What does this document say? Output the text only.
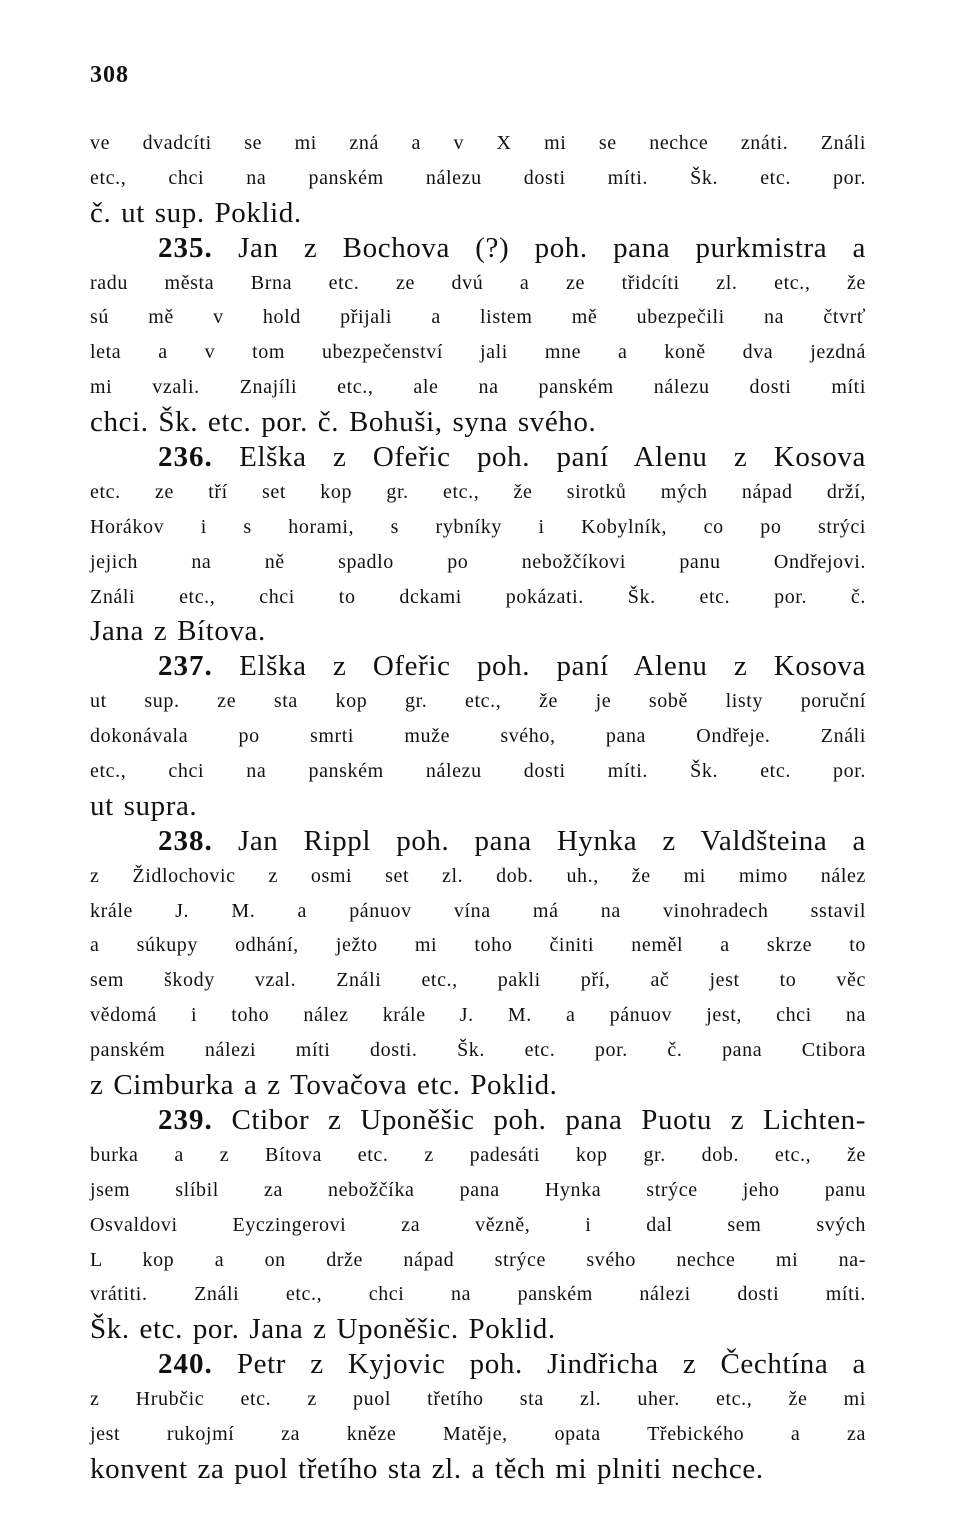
308
ve dvadcíti se mi zná a v X mi se nechce znáti. Ználi
etc., chci na panském nálezu dosti míti. Šk. etc. por.
č. ut sup. Poklid.
235. Jan z Bochova (?) poh. pana purkmistra a
radu města Brna etc. ze dvú a ze třidcíti zl. etc., že
sú mě v hold přijali a listem mě ubezpečili na čtvrť
leta a v tom ubezpečenství jali mne a koně dva jezdná
mi vzali. Znajíli etc., ale na panském nálezu dosti míti
chci. Šk. etc. por. č. Bohuši, syna svého.
236. Elška z Ofeřic poh. paní Alenu z Kosova
etc. ze tří set kop gr. etc., že sirotků mých nápad drží,
Horákov i s horami, s rybníky i Kobylník, co po strýci
jejich na ně spadlo po nebožčíkovi panu Ondřejovi.
Ználi etc., chci to dckami pokázati. Šk. etc. por. č.
Jana z Bítova.
237. Elška z Ofeřic poh. paní Alenu z Kosova
ut sup. ze sta kop gr. etc., že je sobě listy poruční
dokonávala po smrti muže svého, pana Ondřeje. Ználi
etc., chci na panském nálezu dosti míti. Šk. etc. por.
ut supra.
238. Jan Rippl poh. pana Hynka z Valdšteina a
z Židlochovic z osmi set zl. dob. uh., že mi mimo nález
krále J. M. a pánuov vína má na vinohradech sstavil
a súkupy odhání, ježto mi toho činiti neměl a skrze to
sem škody vzal. Ználi etc., pakli pří, ač jest to věc
vědomá i toho nález krále J. M. a pánuov jest, chci na
panském nálezi míti dosti. Šk. etc. por. č. pana Ctibora
z Cimburka a z Tovačova etc. Poklid.
239. Ctibor z Uponěšic poh. pana Puotu z Lichten-
burka a z Bítova etc. z padesáti kop gr. dob. etc., že
jsem slíbil za nebožčíka pana Hynka strýce jeho panu
Osvaldovi Eyczingerovi za vězně, i dal sem svých
L kop a on drže nápad strýce svého nechce mi na-
vrátiti. Ználi etc., chci na panském nálezi dosti míti.
Šk. etc. por. Jana z Uponěšic. Poklid.
240. Petr z Kyjovic poh. Jindřicha z Čechtína a
z Hrubčic etc. z puol třetího sta zl. uher. etc., že mi
jest rukojmí za kněze Matěje, opata Třebického a za
konvent za puol třetího sta zl. a těch mi plniti nechce.
